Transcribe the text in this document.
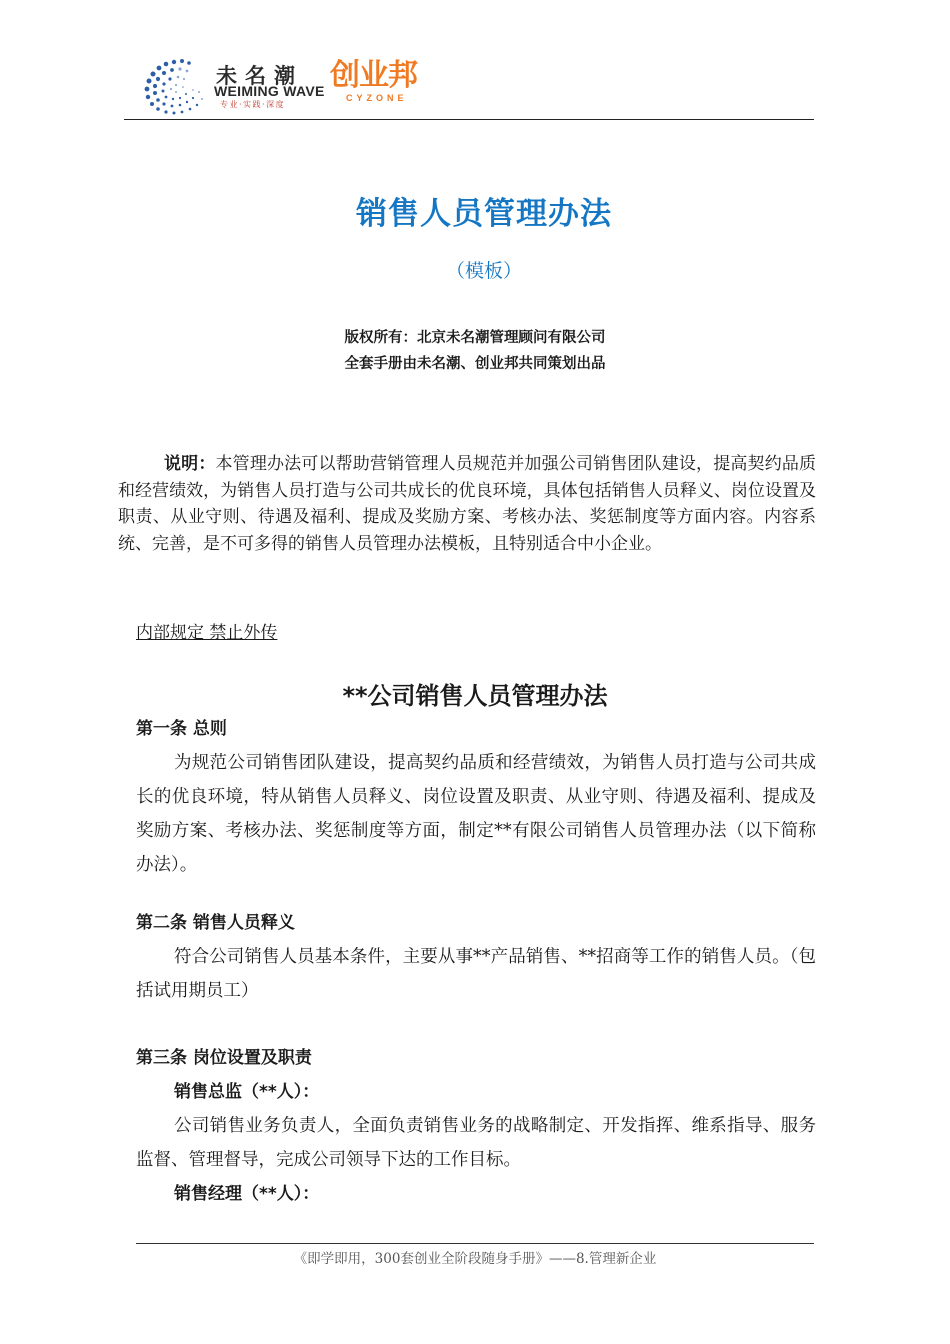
未名潮
WEIMING WAVE
专业·实践·深度
创业邦
CYZONE
销售人员管理办法
（模板）
版权所有：北京未名潮管理顾问有限公司
全套手册由未名潮、创业邦共同策划出品
说明：本管理办法可以帮助营销管理人员规范并加强公司销售团队建设，提高契约品质和经营绩效，为销售人员打造与公司共成长的优良环境，具体包括销售人员释义、岗位设置及职责、从业守则、待遇及福利、提成及奖励方案、考核办法、奖惩制度等方面内容。内容系统、完善，是不可多得的销售人员管理办法模板，且特别适合中小企业。
内部规定 禁止外传
**公司销售人员管理办法
第一条 总则
为规范公司销售团队建设，提高契约品质和经营绩效，为销售人员打造与公司共成长的优良环境，特从销售人员释义、岗位设置及职责、从业守则、待遇及福利、提成及奖励方案、考核办法、奖惩制度等方面，制定**有限公司销售人员管理办法（以下简称办法）。
第二条 销售人员释义
符合公司销售人员基本条件，主要从事**产品销售、**招商等工作的销售人员。（包括试用期员工）
第三条 岗位设置及职责
销售总监（**人）：
公司销售业务负责人，全面负责销售业务的战略制定、开发指挥、维系指导、服务监督、管理督导，完成公司领导下达的工作目标。
销售经理（**人）：
《即学即用，300套创业全阶段随身手册》——8.管理新企业
